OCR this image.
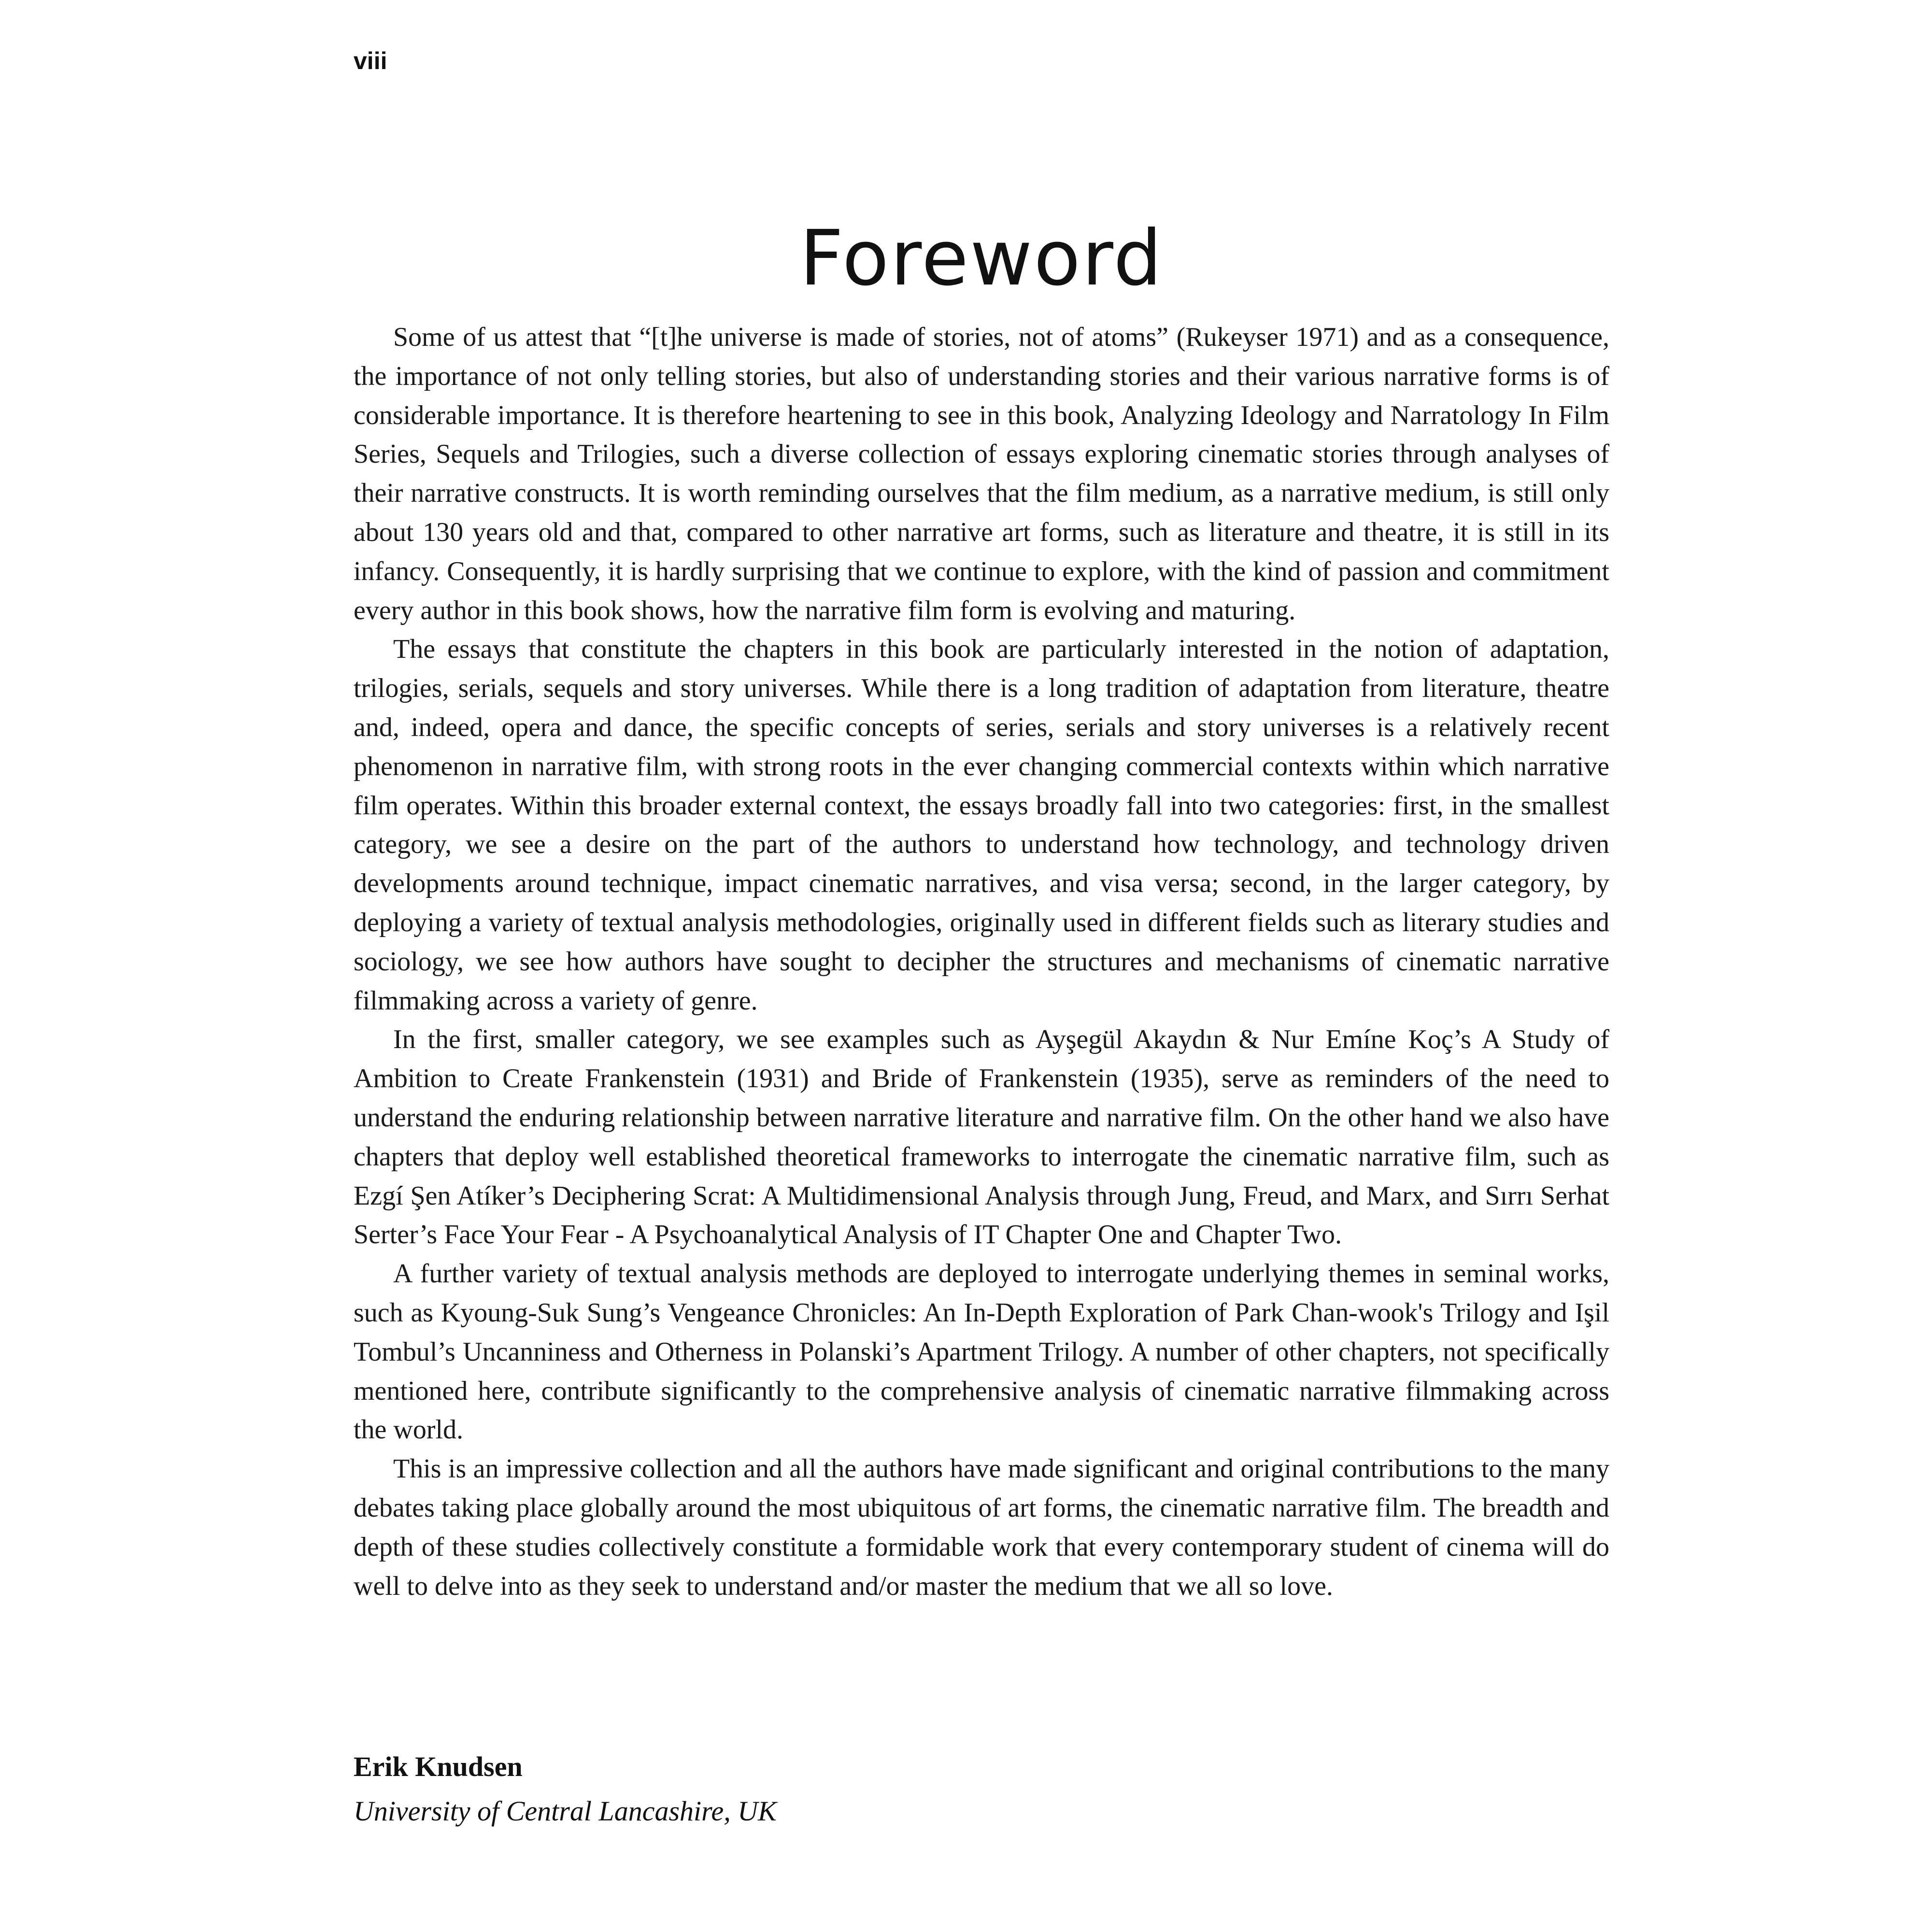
viii
Foreword

Some of us attest that “[t]he universe is made of stories, not of atoms” (Rukeyser 1971) and as a consequence, the importance of not only telling stories, but also of understanding stories and their various narrative forms is of considerable importance. It is therefore heartening to see in this book, Analyzing Ideology and Narratology In Film Series, Sequels and Trilogies, such a diverse collection of essays exploring cinematic stories through analyses of their narrative constructs. It is worth reminding ourselves that the film medium, as a narrative medium, is still only about 130 years old and that, compared to other narrative art forms, such as literature and theatre, it is still in its infancy. Consequently, it is hardly surprising that we continue to explore, with the kind of passion and commitment every author in this book shows, how the narrative film form is evolving and maturing.

The essays that constitute the chapters in this book are particularly interested in the notion of adaptation, trilogies, serials, sequels and story universes. While there is a long tradition of adaptation from literature, theatre and, indeed, opera and dance, the specific concepts of series, serials and story universes is a relatively recent phenomenon in narrative film, with strong roots in the ever changing commercial contexts within which narrative film operates. Within this broader external context, the essays broadly fall into two categories: first, in the smallest category, we see a desire on the part of the authors to understand how technology, and technology driven developments around technique, impact cinematic narratives, and visa versa; second, in the larger category, by deploying a variety of textual analysis methodologies, originally used in different fields such as literary studies and sociology, we see how authors have sought to decipher the structures and mechanisms of cinematic narrative filmmaking across a variety of genre.

In the first, smaller category, we see examples such as Ayşegül Akaydın & Nur Emíne Koç’s A Study of Ambition to Create Frankenstein (1931) and Bride of Frankenstein (1935), serve as reminders of the need to understand the enduring relationship between narrative literature and narrative film. On the other hand we also have chapters that deploy well established theoretical frameworks to interrogate the cinematic narrative film, such as Ezgí Şen Atíker’s Deciphering Scrat: A Multidimensional Analysis through Jung, Freud, and Marx, and Sırrı Serhat Serter’s Face Your Fear - A Psychoanalytical Analysis of IT Chapter One and Chapter Two.

A further variety of textual analysis methods are deployed to interrogate underlying themes in seminal works, such as Kyoung-Suk Sung’s Vengeance Chronicles: An In-Depth Exploration of Park Chan-wook's Trilogy and Işil Tombul’s Uncanniness and Otherness in Polanski’s Apartment Trilogy. A number of other chapters, not specifically mentioned here, contribute significantly to the comprehensive analysis of cinematic narrative filmmaking across the world.

This is an impressive collection and all the authors have made significant and original contributions to the many debates taking place globally around the most ubiquitous of art forms, the cinematic narrative film. The breadth and depth of these studies collectively constitute a formidable work that every contemporary student of cinema will do well to delve into as they seek to understand and/or master the medium that we all so love.

Erik Knudsen
University of Central Lancashire, UK
